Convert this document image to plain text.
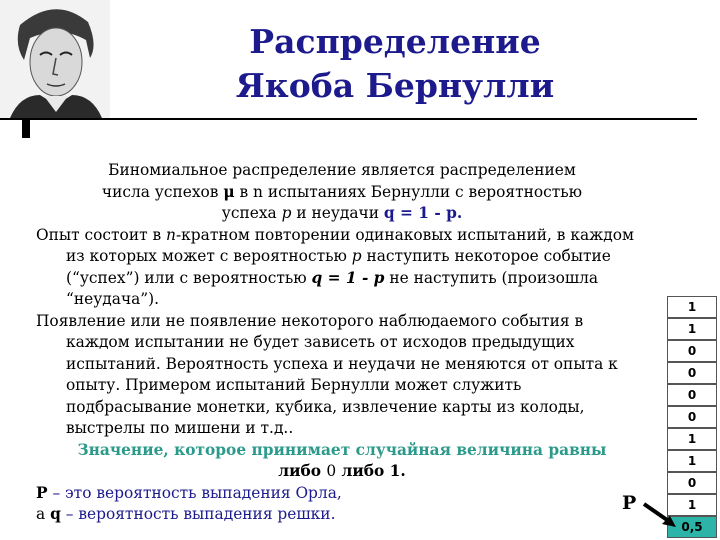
Распределение
Якоба Бернулли
Биномиальное распределение является распределением
числа успехов μ в n испытаниях Бернулли с вероятностью
успеха p и неудачи q = 1 - p.
Опыт состоит в n-кратном повторении одинаковых испытаний, в каждом из которых может с вероятностью p наступить некоторое событие (“успех”) или с вероятностью q = 1 - p не наступить (произошла “неудача”).
Появление или не появление некоторого наблюдаемого события в каждом испытании не будет зависеть от исходов предыдущих испытаний. Вероятность успеха и неудачи не меняются от опыта к опыту. Примером испытаний Бернулли может служить подбрасывание монетки, кубика, извлечение карты из колоды, выстрелы по мишени и т.д..
Значение, которое принимает случайная величина равны
либо 0 либо 1.
P – это вероятность выпадения Орла,
а q – вероятность выпадения решки.	P
1
1
0
0
0
0
1
1
0
1
0,5
